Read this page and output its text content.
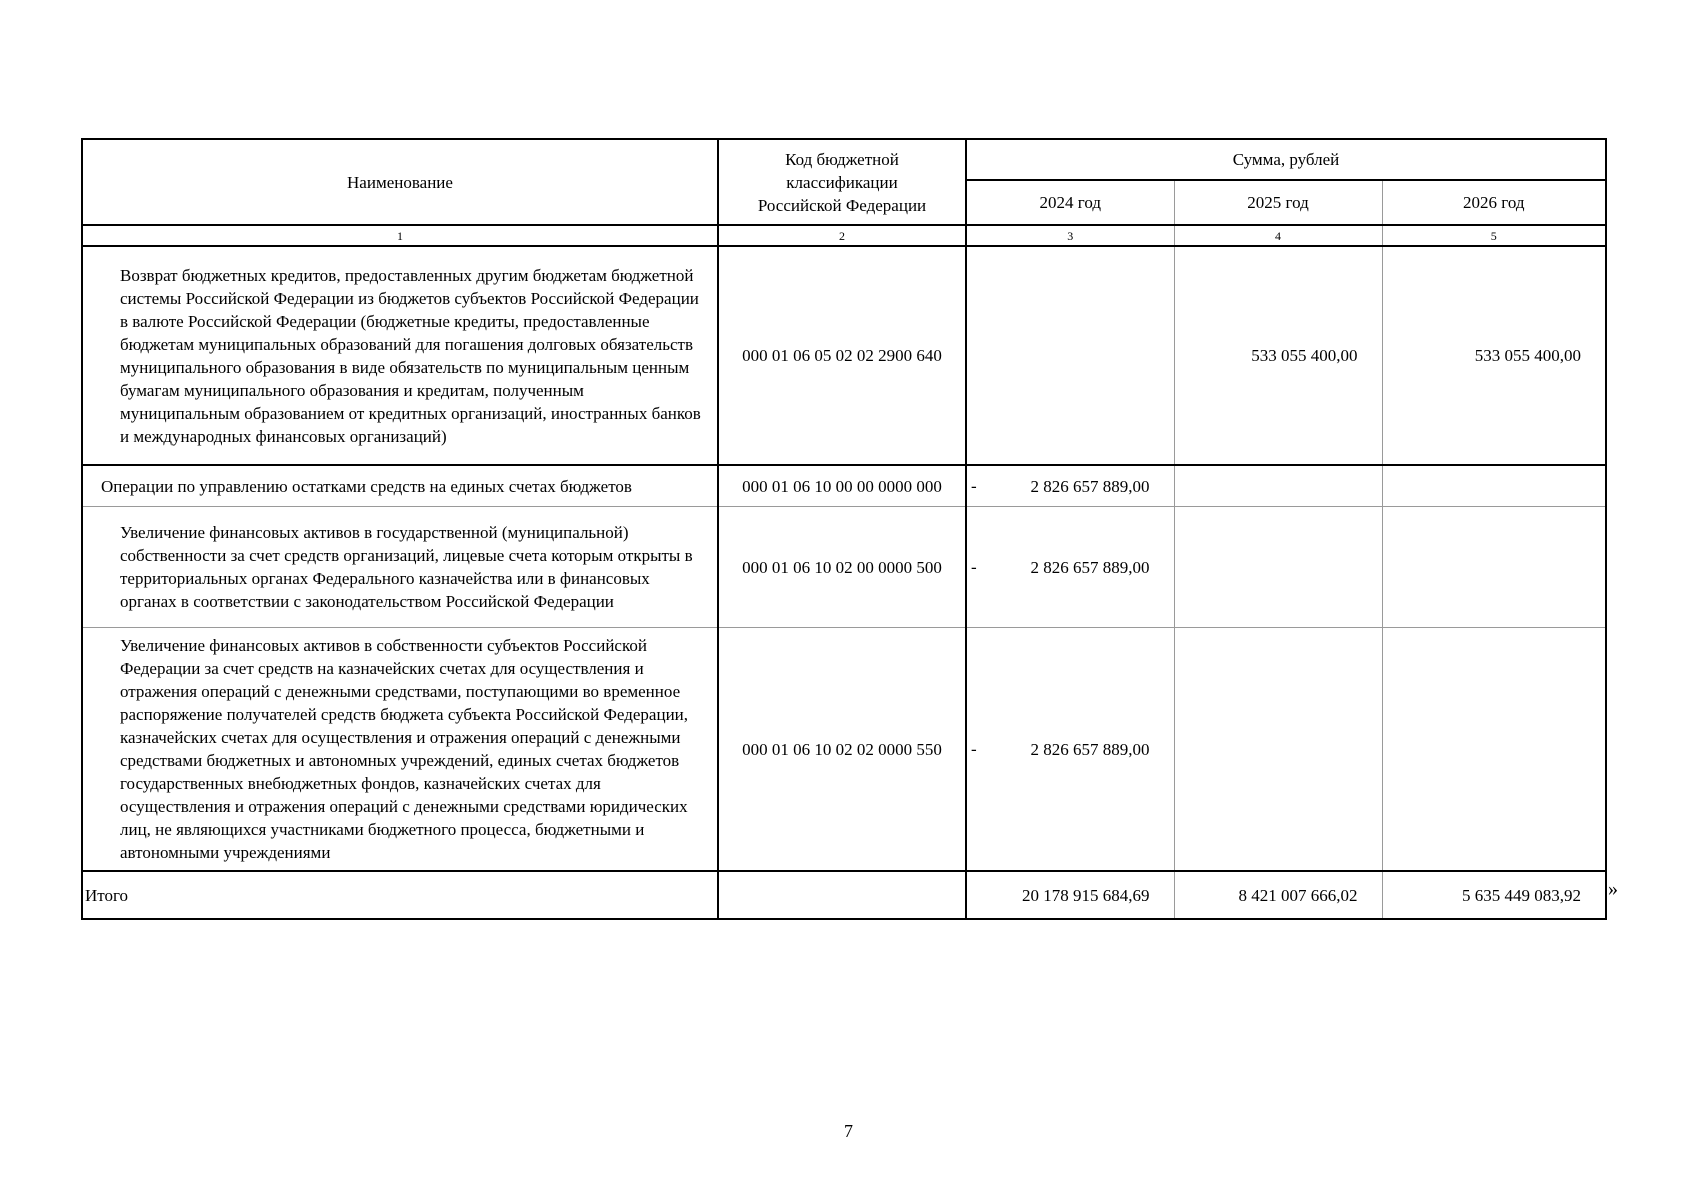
Наименование	Код бюджетной классификации Российской Федерации	Сумма, рублей		
		2024 год	2025 год	2026 год
1	2	3	4	5
Возврат бюджетных кредитов, предоставленных другим бюджетам бюджетной системы Российской Федерации из бюджетов субъектов Российской Федерации в валюте Российской Федерации (бюджетные кредиты, предоставленные бюджетам муниципальных образований для погашения долговых обязательств муниципального образования в виде обязательств по муниципальным ценным бумагам муниципального образования и кредитам, полученным муниципальным образованием от кредитных организаций, иностранных банков и международных финансовых организаций)	000 01 06 05 02 02 2900 640		533 055 400,00	533 055 400,00
Операции по управлению остатками средств на единых счетах бюджетов	000 01 06 10 00 00 0000 000	- 2 826 657 889,00		
Увеличение финансовых активов в государственной (муниципальной) собственности за счет средств организаций, лицевые счета которым открыты в территориальных органах Федерального казначейства или в финансовых органах в соответствии с законодательством Российской Федерации	000 01 06 10 02 00 0000 500	- 2 826 657 889,00		
Увеличение финансовых активов в собственности субъектов Российской Федерации за счет средств на казначейских счетах для осуществления и отражения операций с денежными средствами, поступающими во временное распоряжение получателей средств бюджета субъекта Российской Федерации, казначейских счетах для осуществления и отражения операций с денежными средствами бюджетных и автономных учреждений, единых счетах бюджетов государственных внебюджетных фондов, казначейских счетах для осуществления и отражения операций с денежными средствами юридических лиц, не являющихся участниками бюджетного процесса, бюджетными и автономными учреждениями	000 01 06 10 02 02 0000 550	- 2 826 657 889,00		
Итого		20 178 915 684,69	8 421 007 666,02	5 635 449 083,92 »
7
